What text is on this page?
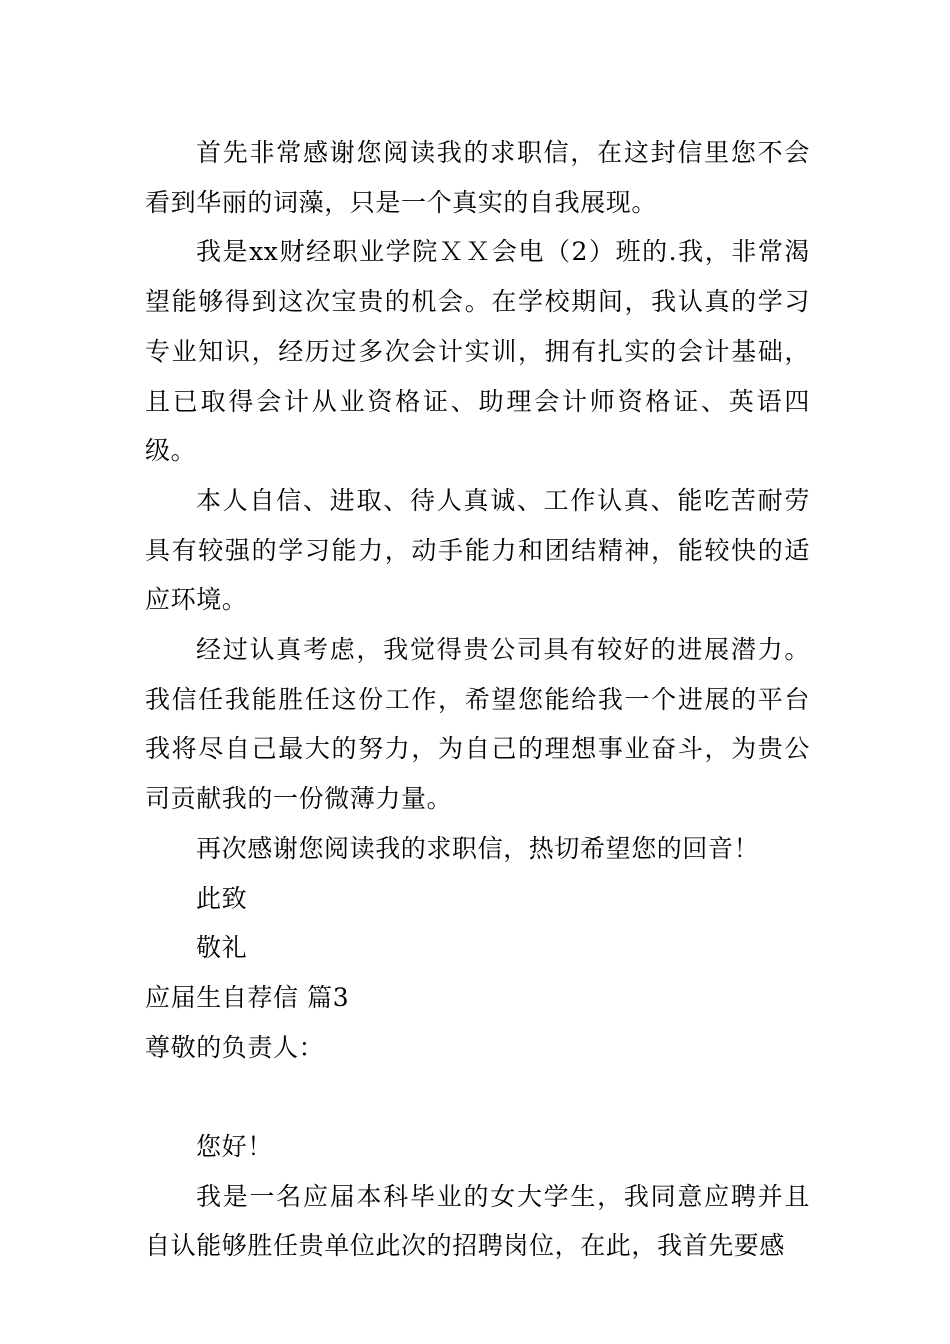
首先非常感谢您阅读我的求职信，在这封信里您不会看到华丽的词藻，只是一个真实的自我展现。

我是xx财经职业学院ＸＸ会电（2）班的.我，非常渴望能够得到这次宝贵的机会。在学校期间，我认真的学习专业知识，经历过多次会计实训，拥有扎实的会计基础，且已取得会计从业资格证、助理会计师资格证、英语四级。

本人自信、进取、待人真诚、工作认真、能吃苦耐劳具有较强的学习能力，动手能力和团结精神，能较快的适应环境。

经过认真考虑，我觉得贵公司具有较好的进展潜力。我信任我能胜任这份工作，希望您能给我一个进展的平台我将尽自己最大的努力，为自己的理想事业奋斗，为贵公司贡献我的一份微薄力量。

再次感谢您阅读我的求职信，热切希望您的回音！

此致

敬礼

应届生自荐信 篇3

尊敬的负责人：

您好！

我是一名应届本科毕业的女大学生，我同意应聘并且自认能够胜任贵单位此次的招聘岗位，在此，我首先要感
